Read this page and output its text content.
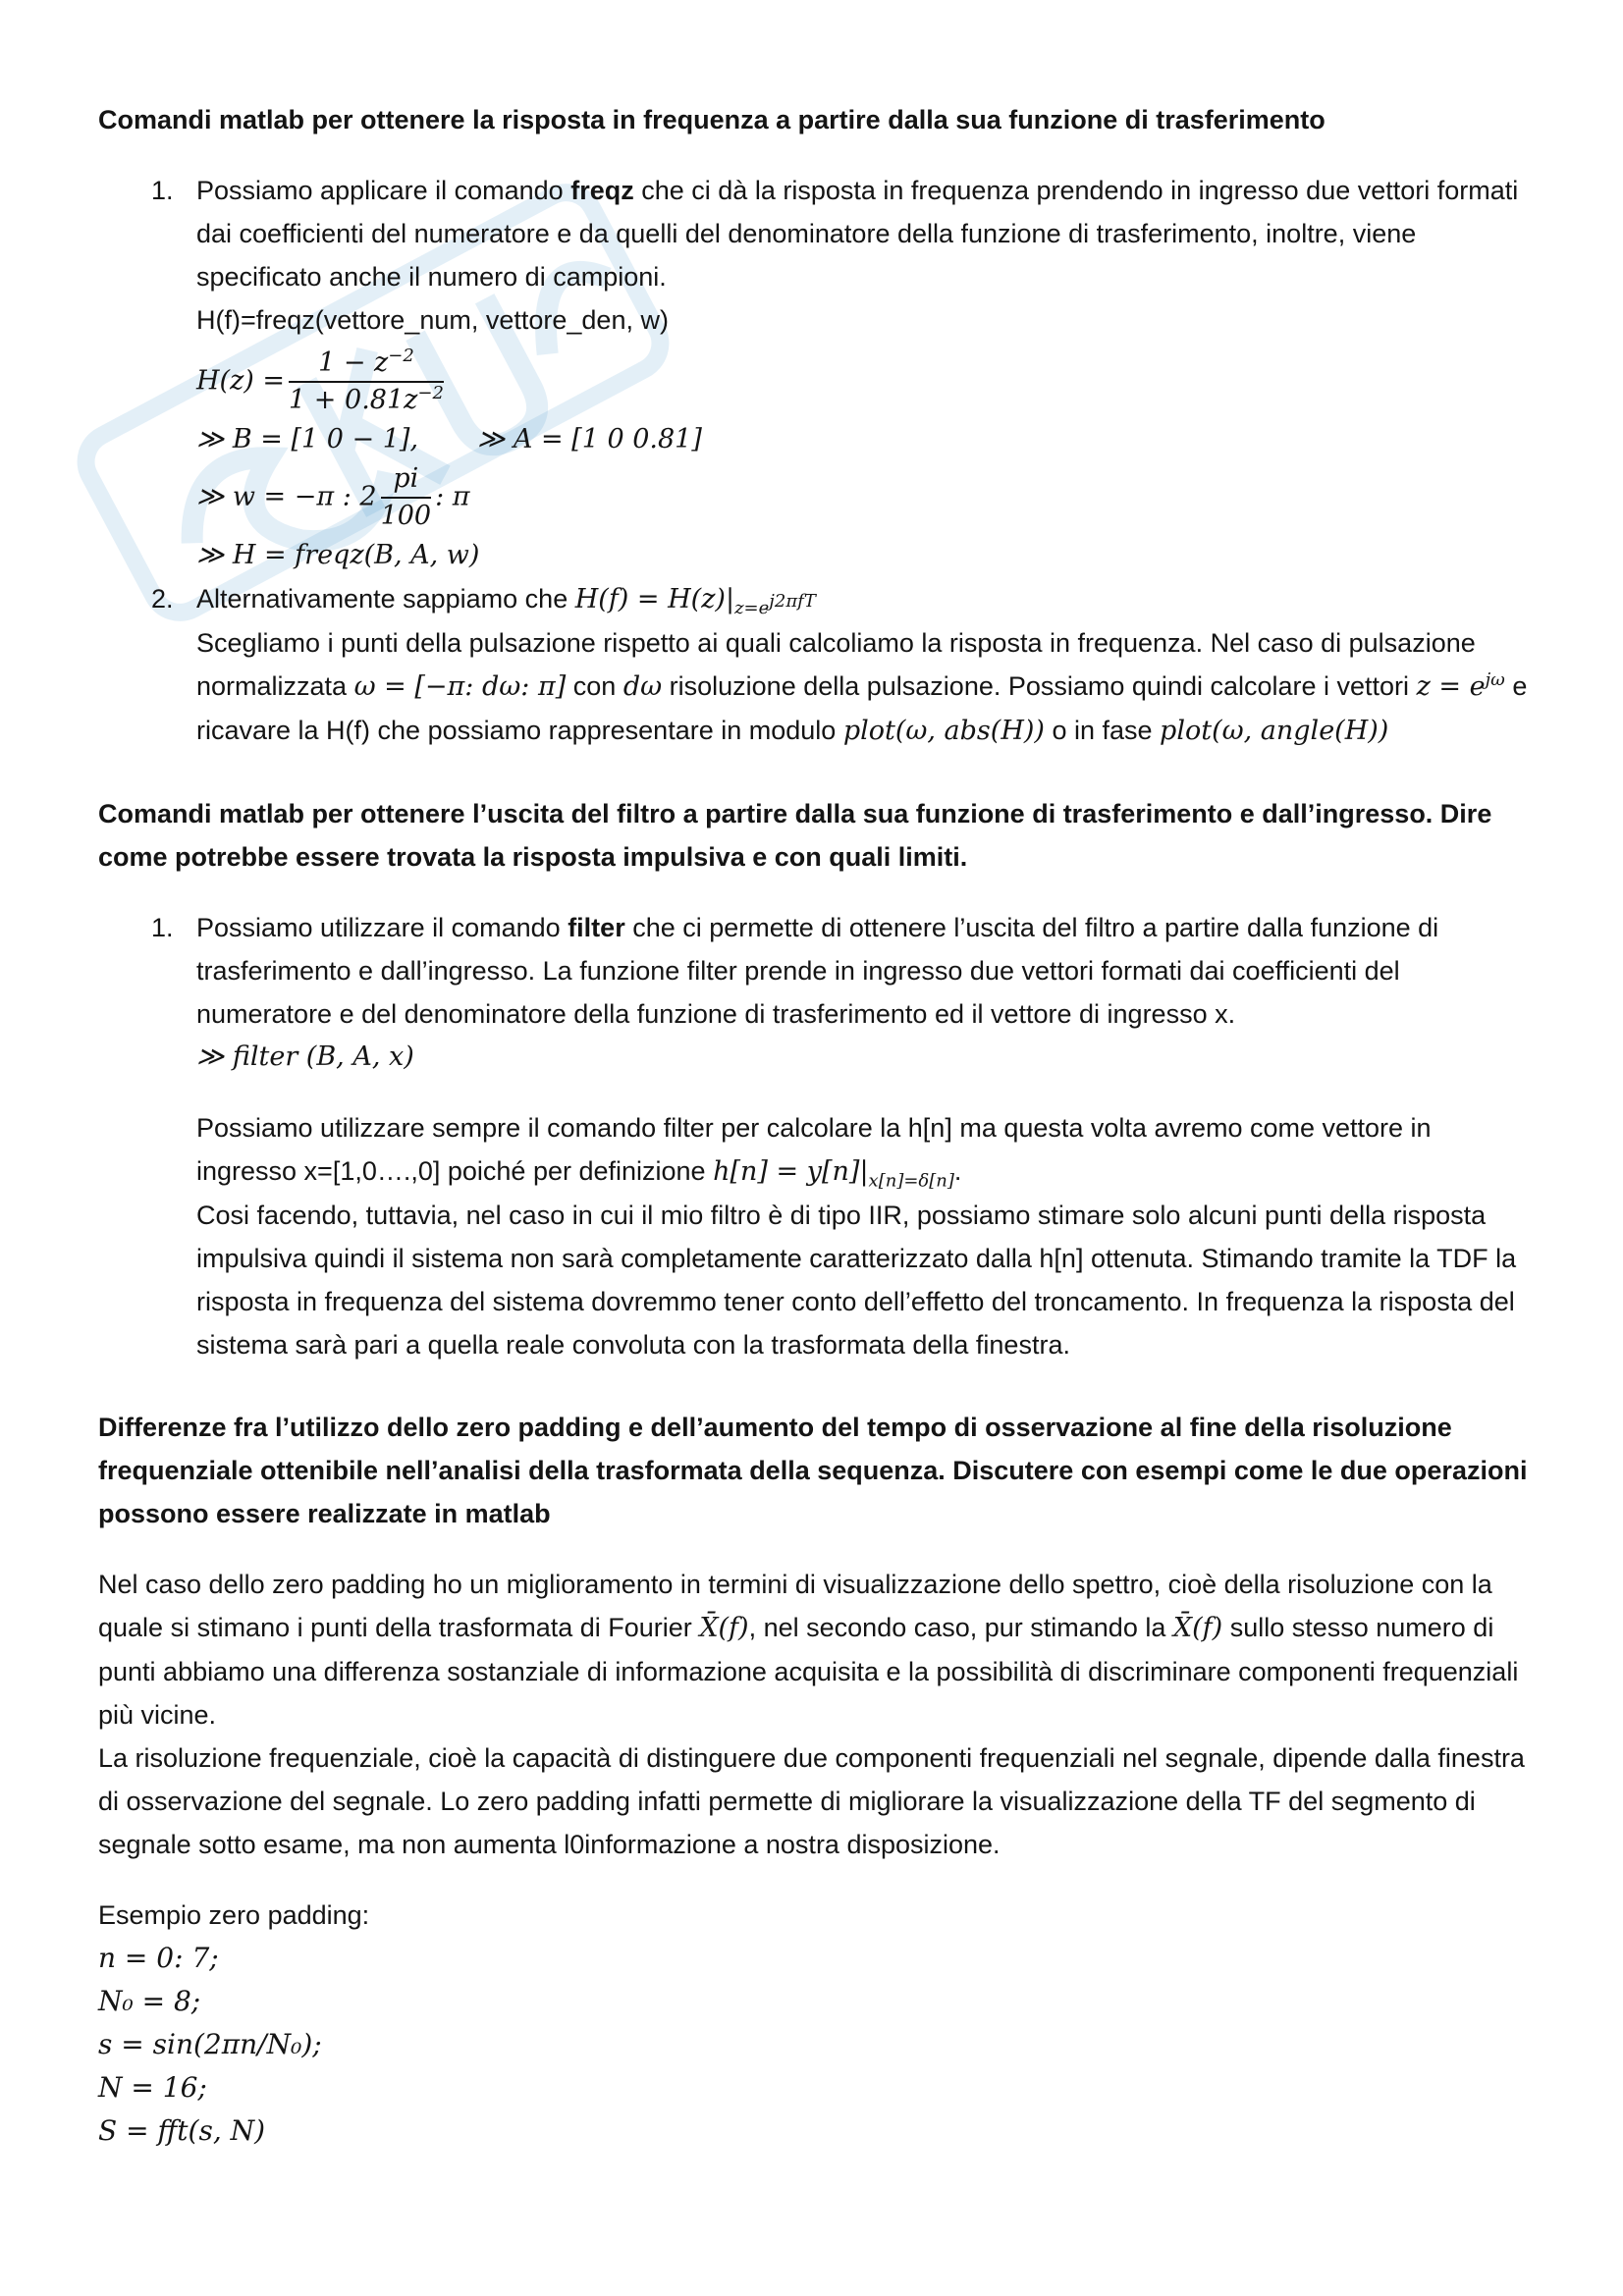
Comandi matlab per ottenere la risposta in frequenza a partire dalla sua funzione di trasferimento

1. Possiamo applicare il comando freqz che ci dà la risposta in frequenza prendendo in ingresso due vettori formati dai coefficienti del numeratore e da quelli del denominatore della funzione di trasferimento, inoltre, viene specificato anche il numero di campioni.

H(f)=freqz(vettore_num, vettore_den, w)

$H(z) = \frac{1 - z^{-2}}{1 + 0.81z^{-2}}$

≫ B = [1 0 − 1], ≫ A = [1 0 0.81]

≫ w = −π : $2 \frac{pi}{100}$ : π

≫ H = freqz(B, A, w)

2. Alternativamente sappiamo che $H(f) = H(z)|_{z=e^{j2\pi fT}}$

Scegliamo i punti della pulsazione rispetto ai quali calcoliamo la risposta in frequenza. Nel caso di pulsazione normalizzata ω = [−π: dω: π] con dω risoluzione della pulsazione. Possiamo quindi calcolare i vettori $z = e^{j\omega}$ e ricavare la H(f) che possiamo rappresentare in modulo plot(ω, abs(H)) o in fase plot(ω, angle(H))

Comandi matlab per ottenere l’uscita del filtro a partire dalla sua funzione di trasferimento e dall’ingresso. Dire come potrebbe essere trovata la risposta impulsiva e con quali limiti.

1. Possiamo utilizzare il comando filter che ci permette di ottenere l’uscita del filtro a partire dalla funzione di trasferimento e dall’ingresso. La funzione filter prende in ingresso due vettori formati dai coefficienti del numeratore e del denominatore della funzione di trasferimento ed il vettore di ingresso x.

≫ filter (B, A, x)

Possiamo utilizzare sempre il comando filter per calcolare la h[n] ma questa volta avremo come vettore in ingresso x=[1,0….,0] poiché per definizione $h[n] = y[n]|_{x[n]=\delta[n]}$.

Cosi facendo, tuttavia, nel caso in cui il mio filtro è di tipo IIR, possiamo stimare solo alcuni punti della risposta impulsiva quindi il sistema non sarà completamente caratterizzato dalla h[n] ottenuta. Stimando tramite la TDF la risposta in frequenza del sistema dovremmo tener conto dell’effetto del troncamento. In frequenza la risposta del sistema sarà pari a quella reale convoluta con la trasformata della finestra.

Differenze fra l’utilizzo dello zero padding e dell’aumento del tempo di osservazione al fine della risoluzione frequenziale ottenibile nell’analisi della trasformata della sequenza. Discutere con esempi come le due operazioni possono essere realizzate in matlab

Nel caso dello zero padding ho un miglioramento in termini di visualizzazione dello spettro, cioè della risoluzione con la quale si stimano i punti della trasformata di Fourier X̄(f), nel secondo caso, pur stimando la X̄(f) sullo stesso numero di punti abbiamo una differenza sostanziale di informazione acquisita e la possibilità di discriminare componenti frequenziali più vicine.

La risoluzione frequenziale, cioè la capacità di distinguere due componenti frequenziali nel segnale, dipende dalla finestra di osservazione del segnale. Lo zero padding infatti permette di migliorare la visualizzazione della TF del segmento di segnale sotto esame, ma non aumenta l0informazione a nostra disposizione.

Esempio zero padding:

n = 0: 7;

N₀ = 8;

s = sin(2πn/N₀);

N = 16;

S = fft(s, N)
